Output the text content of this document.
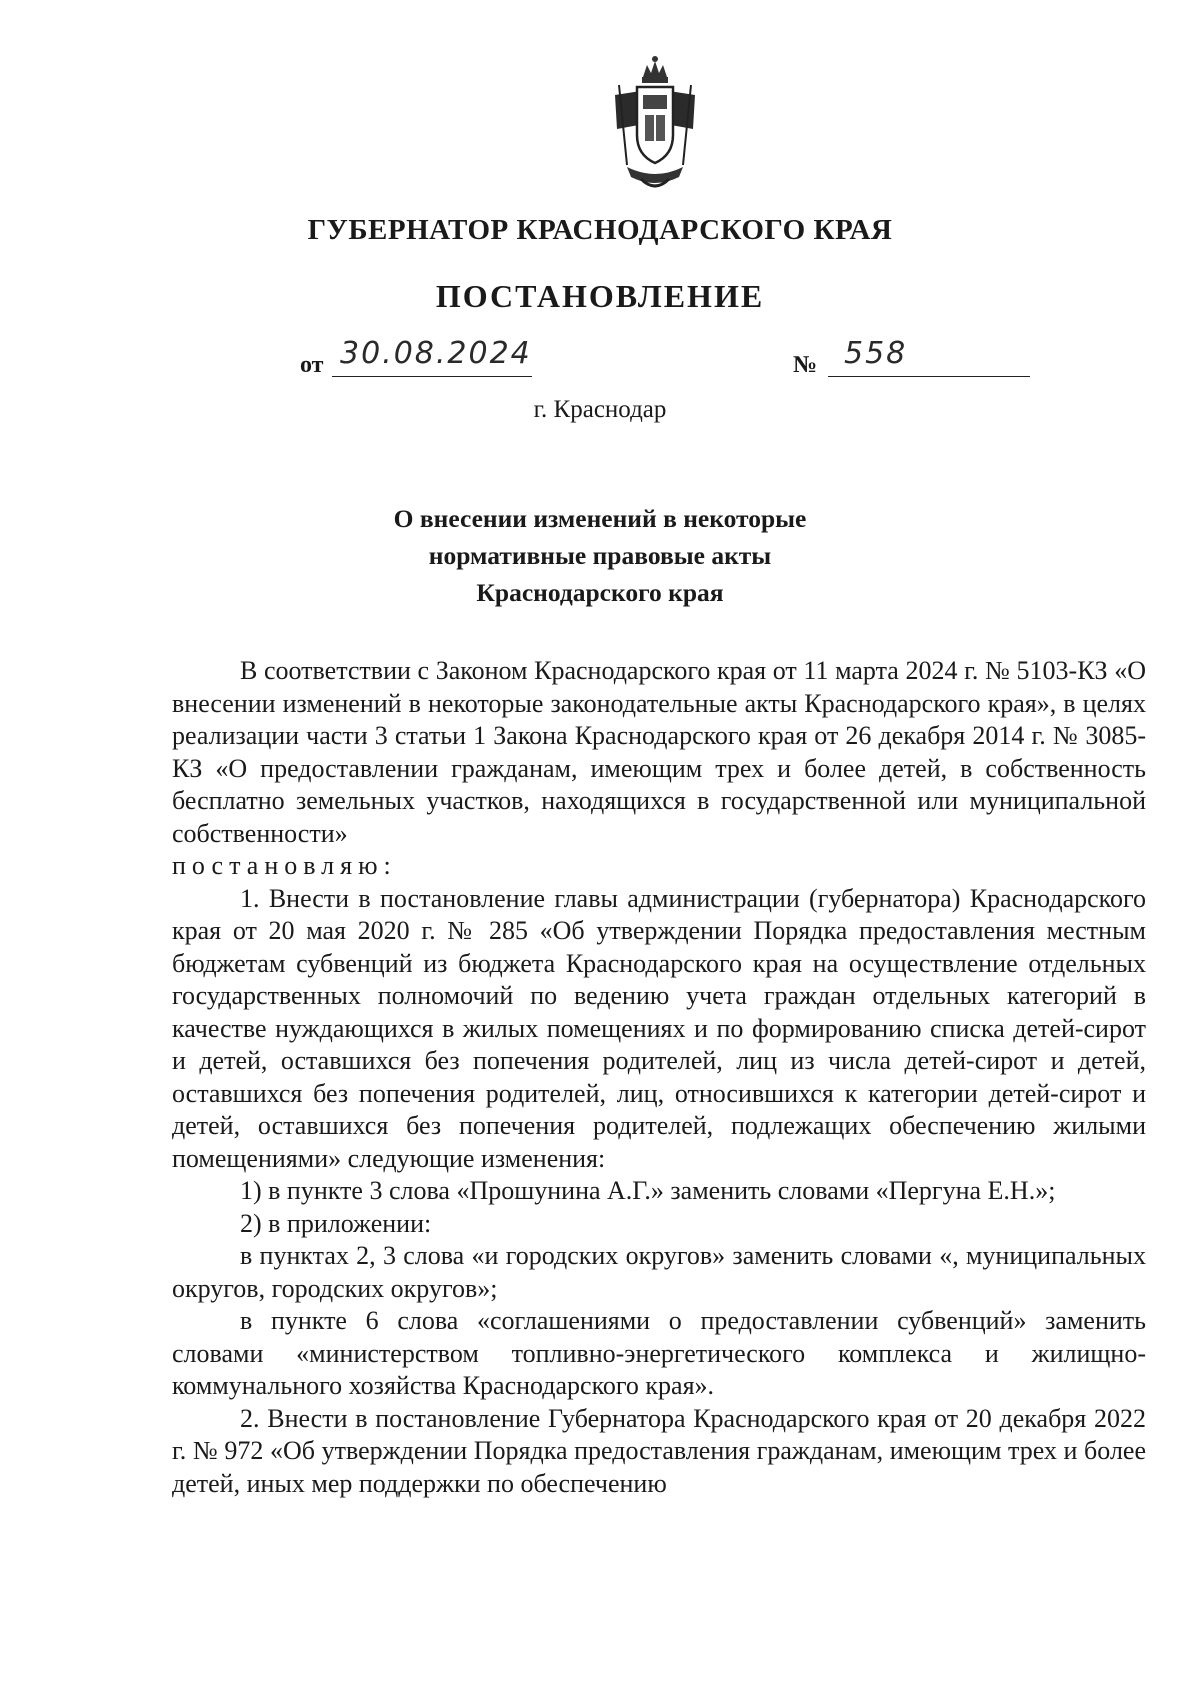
ГУБЕРНАТОР КРАСНОДАРСКОГО КРАЯ
ПОСТАНОВЛЕНИЕ
от 30.08.2024	№ 558
г. Краснодар
О внесении изменений в некоторые
нормативные правовые акты
Краснодарского края

В соответствии с Законом Краснодарского края от 11 марта 2024 г. № 5103-КЗ «О внесении изменений в некоторые законодательные акты Краснодарского края», в целях реализации части 3 статьи 1 Закона Краснодарского края от 26 декабря 2014 г. № 3085-КЗ «О предоставлении гражданам, имеющим трех и более детей, в собственность бесплатно земельных участков, находящихся в государственной или муниципальной собственности»

постановляю:

1. Внести в постановление главы администрации (губернатора) Краснодарского края от 20 мая 2020 г. № 285 «Об утверждении Порядка предоставления местным бюджетам субвенций из бюджета Краснодарского края на осуществление отдельных государственных полномочий по ведению учета граждан отдельных категорий в качестве нуждающихся в жилых помещениях и по формированию списка детей-сирот и детей, оставшихся без попечения родителей, лиц из числа детей-сирот и детей, оставшихся без попечения родителей, лиц, относившихся к категории детей-сирот и детей, оставшихся без попечения родителей, подлежащих обеспечению жилыми помещениями» следующие изменения:

1) в пункте 3 слова «Прошунина А.Г.» заменить словами «Пергуна Е.Н.»;

2) в приложении:

в пунктах 2, 3 слова «и городских округов» заменить словами «, муниципальных округов, городских округов»;

в пункте 6 слова «соглашениями о предоставлении субвенций» заменить словами «министерством топливно-энергетического комплекса и жилищно-коммунального хозяйства Краснодарского края».

2. Внести в постановление Губернатора Краснодарского края от 20 декабря 2022 г. № 972 «Об утверждении Порядка предоставления гражданам, имеющим трех и более детей, иных мер поддержки по обеспечению
